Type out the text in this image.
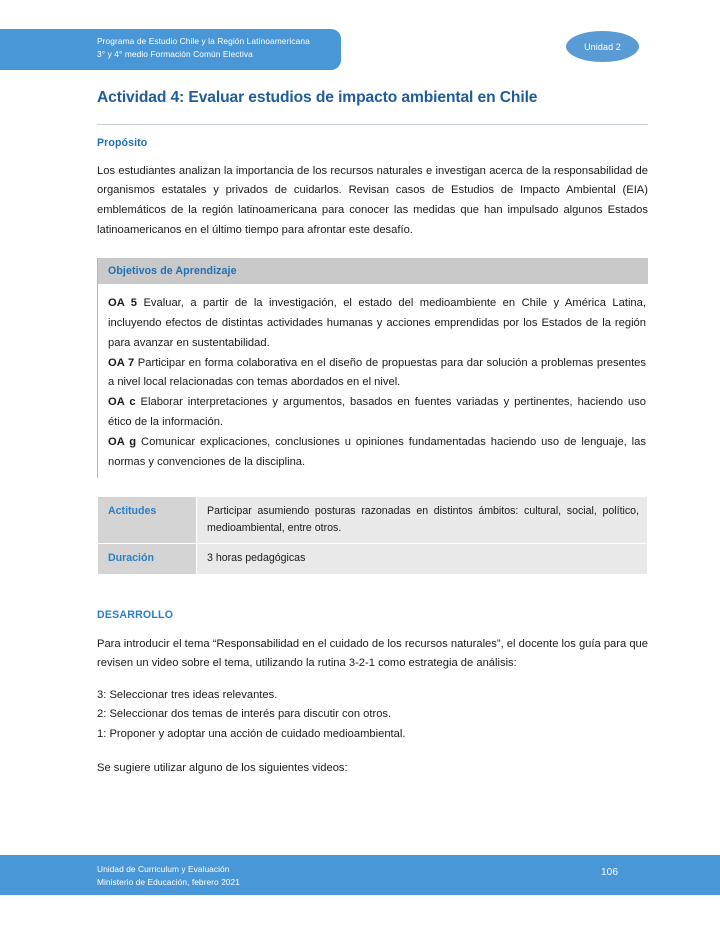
Programa de Estudio Chile y la Región Latinoamericana
3° y 4° medio Formación Común Electiva
Unidad 2
Actividad 4: Evaluar estudios de impacto ambiental en Chile
Propósito

Los estudiantes analizan la importancia de los recursos naturales e investigan acerca de la responsabilidad de organismos estatales y privados de cuidarlos. Revisan casos de Estudios de Impacto Ambiental (EIA) emblemáticos de la región latinoamericana para conocer las medidas que han impulsado algunos Estados latinoamericanos en el último tiempo para afrontar este desafío.

Objetivos de Aprendizaje

OA 5 Evaluar, a partir de la investigación, el estado del medioambiente en Chile y América Latina, incluyendo efectos de distintas actividades humanas y acciones emprendidas por los Estados de la región para avanzar en sustentabilidad.

OA 7 Participar en forma colaborativa en el diseño de propuestas para dar solución a problemas presentes a nivel local relacionadas con temas abordados en el nivel.

OA c Elaborar interpretaciones y argumentos, basados en fuentes variadas y pertinentes, haciendo uso ético de la información.

OA g Comunicar explicaciones, conclusiones u opiniones fundamentadas haciendo uso de lenguaje, las normas y convenciones de la disciplina.

Actitudes	Participar asumiendo posturas razonadas en distintos ámbitos: cultural, social, político, medioambiental, entre otros.
Duración	3 horas pedagógicas
DESARROLLO

Para introducir el tema “Responsabilidad en el cuidado de los recursos naturales”, el docente los guía para que revisen un video sobre el tema, utilizando la rutina 3-2-1 como estrategia de análisis:

3: Seleccionar tres ideas relevantes.

2: Seleccionar dos temas de interés para discutir con otros.

1: Proponer y adoptar una acción de cuidado medioambiental.

Se sugiere utilizar alguno de los siguientes videos:

Unidad de Curriculum y Evaluación
Ministerio de Educación, febrero 2021
106
